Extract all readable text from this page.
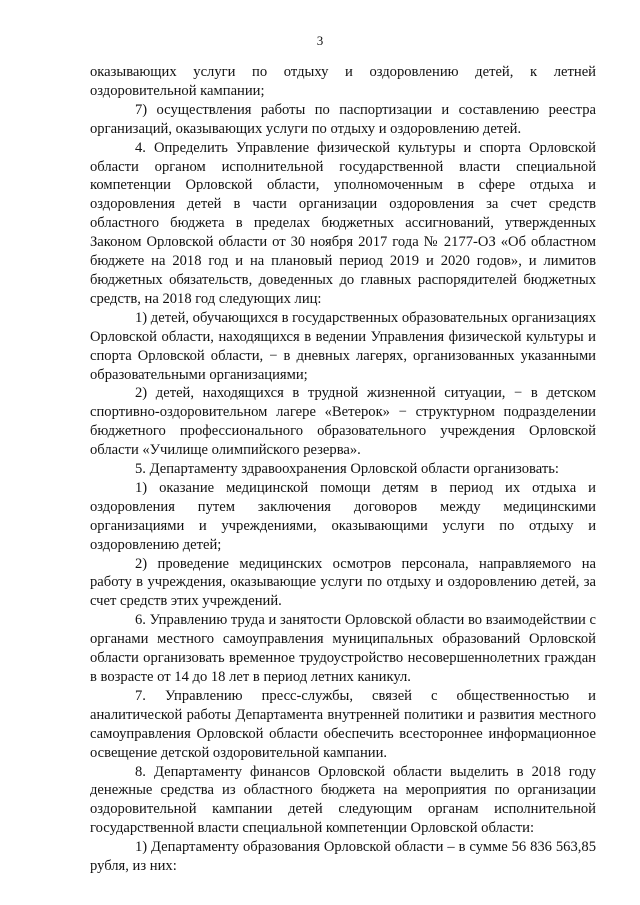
3

оказывающих услуги по отдыху и оздоровлению детей, к летней оздоровительной кампании;

7) осуществления работы по паспортизации и составлению реестра организаций, оказывающих услуги по отдыху и оздоровлению детей.

4. Определить Управление физической культуры и спорта Орловской области органом исполнительной государственной власти специальной компетенции Орловской области, уполномоченным в сфере отдыха и оздоровления детей в части организации оздоровления за счет средств областного бюджета в пределах бюджетных ассигнований, утвержденных Законом Орловской области от 30 ноября 2017 года № 2177-ОЗ «Об областном бюджете на 2018 год и на плановый период 2019 и 2020 годов», и лимитов бюджетных обязательств, доведенных до главных распорядителей бюджетных средств, на 2018 год следующих лиц:

1) детей, обучающихся в государственных образовательных организациях Орловской области, находящихся в ведении Управления физической культуры и спорта Орловской области, − в дневных лагерях, организованных указанными образовательными организациями;

2) детей, находящихся в трудной жизненной ситуации, − в детском спортивно-оздоровительном лагере «Ветерок» − структурном подразделении бюджетного профессионального образовательного учреждения Орловской области «Училище олимпийского резерва».

5. Департаменту здравоохранения Орловской области организовать:

1) оказание медицинской помощи детям в период их отдыха и оздоровления путем заключения договоров между медицинскими организациями и учреждениями, оказывающими услуги по отдыху и оздоровлению детей;

2) проведение медицинских осмотров персонала, направляемого на работу в учреждения, оказывающие услуги по отдыху и оздоровлению детей, за счет средств этих учреждений.

6. Управлению труда и занятости Орловской области во взаимодействии с органами местного самоуправления муниципальных образований Орловской области организовать временное трудоустройство несовершеннолетних граждан в возрасте от 14 до 18 лет в период летних каникул.

7. Управлению пресс-службы, связей с общественностью и аналитической работы Департамента внутренней политики и развития местного самоуправления Орловской области обеспечить всестороннее информационное освещение детской оздоровительной кампании.

8. Департаменту финансов Орловской области выделить в 2018 году денежные средства из областного бюджета на мероприятия по организации оздоровительной кампании детей следующим органам исполнительной государственной власти специальной компетенции Орловской области:

1) Департаменту образования Орловской области – в сумме 56 836 563,85 рубля, из них:
